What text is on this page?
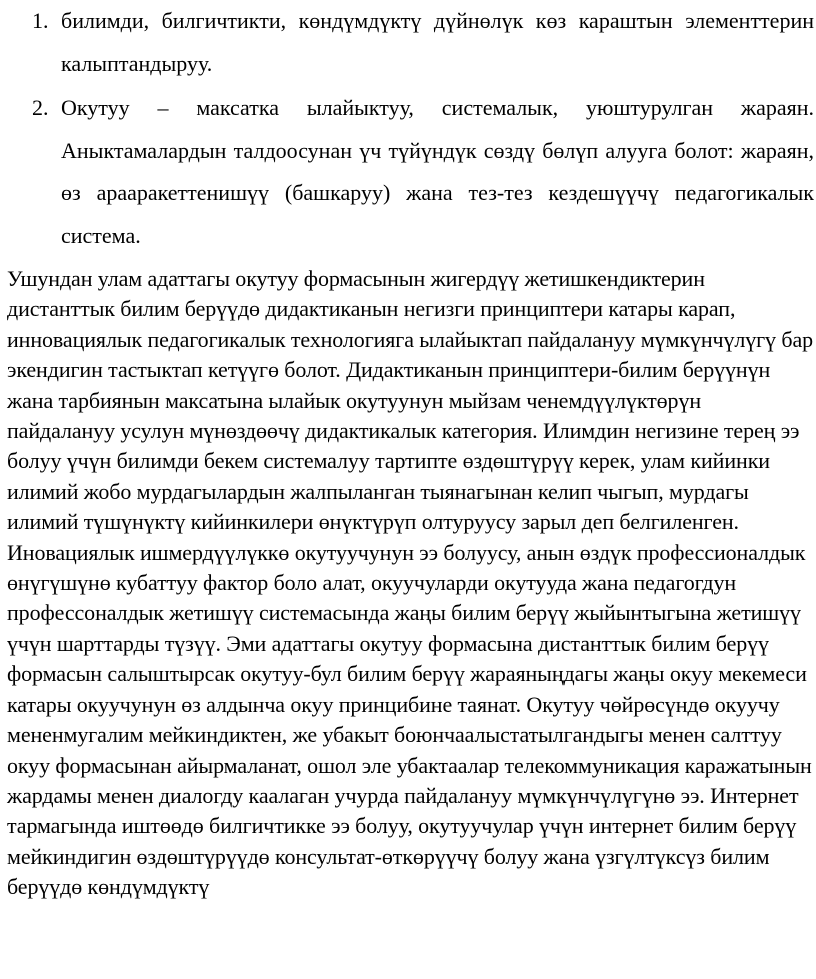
1. билимди, билгичтикти, көндүмдүктү дүйнөлүк көз караштын элементтерин калыптандыруу.
2. Окутуу – максатка ылайыктуу, системалык, уюштурулган жараян. Аныктамалардын талдоосунан үч түйүндүк сөздү бөлүп алууга болот: жараян, өз арааракеттенишүү (башкаруу) жана тез-тез кездешүүчү педагогикалык система.

Ушундан улам адаттагы окутуу формасынын жигердүү жетишкендиктерин дистанттык билим берүүдө дидактиканын негизги принциптери катары карап, инновациялык педагогикалык технологияга ылайыктап пайдалануу мүмкүнчүлүгү бар экендигин тастыктап кетүүгө болот. Дидактиканын принциптери-билим берүүнүн жана тарбиянын максатына ылайык окутуунун мыйзам ченемдүүлүктөрүн пайдалануу усулун мүнөздөөчү дидактикалык категория. Илимдин негизине терең ээ болуу үчүн билимди бекем системалуу тартипте өздөштүрүү керек, улам кийинки илимий жобо мурдагылардын жалпыланган тыянагынан келип чыгып, мурдагы илимий түшүнүктү кийинкилери өнүктүрүп олтуруусу зарыл деп белгиленген. Иновациялык ишмердүүлүккө окутуучунун ээ болуусу, анын өздүк профессионалдык өнүгүшүнө кубаттуу фактор боло алат, окуучуларди окутууда жана педагогдун профессоналдык жетишүү системасында жаңы билим берүү жыйынтыгына жетишүү үчүн шарттарды түзүү. Эми адаттагы окутуу формасына дистанттык билим берүү формасын салыштырсак окутуу-бул билим берүү жараяныңдагы жаңы окуу мекемеси катары окуучунун өз алдынча окуу принцибине таянат. Окутуу чөйрөсүндө окуучу мененмугалим мейкиндиктен, же убакыт боюнчаалыстатылгандыгы менен салттуу окуу формасынан айырмаланат, ошол эле убактаалар телекоммуникация каражатынын жардамы менен диалогду каалаган учурда пайдалануу мүмкүнчүлүгүнө ээ. Интернет тармагында иштөөдө билгичтикке ээ болуу, окутуучулар үчүн интернет билим берүү мейкиндигин өздөштүрүүдө консультат-өткөрүүчү болуу жана үзгүлтүксүз билим берүүдө көндүмдүктү
